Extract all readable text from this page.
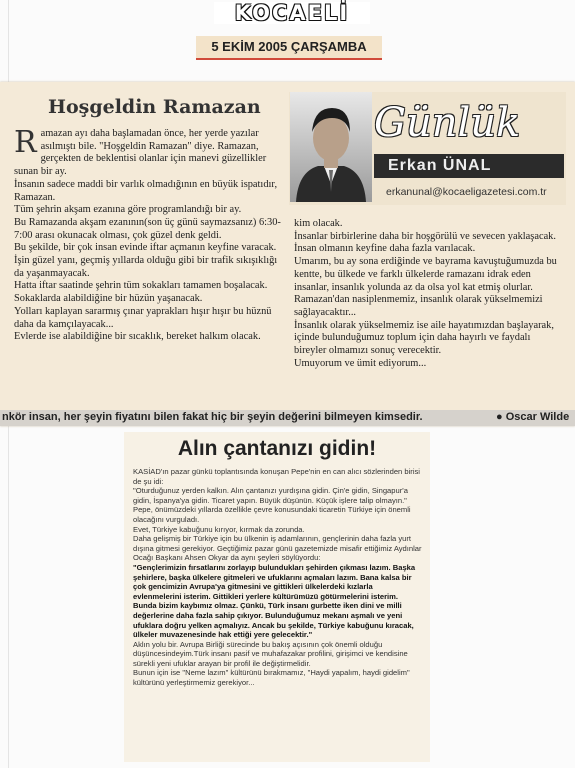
KOCAELİ
5 EKİM 2005 ÇARŞAMBA
Hoşgeldin Ramazan	Günlük
Erkan ÜNAL
erkanunal@kocaeligazetesi.com.tr
R amazan ayı daha başlamadan önce, her yerde yazılar asılmıştı bile. "Hoşgeldin Ramazan" diye. Ramazan, gerçekten de beklentisi olanlar için manevi güzellikler sunan bir ay.

İnsanın sadece maddi bir varlık olmadığının en büyük ispatıdır, Ramazan.

Tüm şehrin akşam ezanına göre programlandığı bir ay.

Bu Ramazanda akşam ezanının(son üç günü saymazsanız) 6:30-7:00 arası okunacak olması, çok güzel denk geldi.

Bu şekilde, bir çok insan evinde iftar açmanın keyfine varacak.

İşin güzel yanı, geçmiş yıllarda olduğu gibi bir trafik sıkışıklığı da yaşanmayacak.

Hatta iftar saatinde şehrin tüm sokakları tamamen boşalacak.

Sokaklarda alabildiğine bir hüzün yaşanacak.

Yolları kaplayan sararmış çınar yaprakları hışır hışır bu hüznü daha da kamçılayacak...

Evlerde ise alabildiğine bir sıcaklık, bereket halkım olacak.

kim olacak.

İnsanlar birbirlerine daha bir hoşgörülü ve sevecen yaklaşacak.

İnsan olmanın keyfine daha fazla varılacak.

Umarım, bu ay sona erdiğinde ve bayrama kavuştuğumuzda bu kentte, bu ülkede ve farklı ülkelerde ramazanı idrak eden insanlar, insanlık yolunda az da olsa yol kat etmiş olurlar.

Ramazan'dan nasiplenmemiz, insanlık olarak yükselmemizi sağlayacaktır...

İnsanlık olarak yükselmemiz ise aile hayatımızdan başlayarak, içinde bulunduğumuz toplum için daha hayırlı ve faydalı bireyler olmamızı sonuç verecektir.

Umuyorum ve ümit ediyorum...

nkör insan, her şeyin fiyatını bilen fakat hiç bir şeyin değerini bilmeyen kimsedir.	● Oscar Wilde
Alın çantanızı gidin!

KASİAD'ın pazar günkü toplantısında konuşan Pepe'nin en can alıcı sözlerinden birisi de şu idi:

"Oturduğunuz yerden kalkın. Alın çantanızı yurdışına gidin. Çin'e gidin, Singapur'a gidin, İspanya'ya gidin. Ticaret yapın. Büyük düşünün. Küçük işlere talip olmayın." Pepe, önümüzdeki yıllarda özellikle çevre konusundaki ticaretin Türkiye için önemli olacağını vurguladı.

Evet, Türkiye kabuğunu kırıyor, kırmak da zorunda.

Daha gelişmiş bir Türkiye için bu ülkenin iş adamlarının, gençlerinin daha fazla yurt dışına gitmesi gerekiyor. Geçtiğimiz pazar günü gazetemizde misafir ettiğimiz Aydınlar Ocağı Başkanı Ahsen Okyar da aynı şeyleri söylüyordu:

"Gençlerimizin fırsatlarını zorlayıp bulundukları şehirden çıkması lazım. Başka şehirlere, başka ülkelere gitmeleri ve ufuklarını açmaları lazım. Bana kalsa bir çok gencimizin Avrupa'ya gitmesini ve gittikleri ülkelerdeki kızlarla evlenmelerini isterim. Gittikleri yerlere kültürümüzü götürmelerini isterim. Bunda bizim kaybımız olmaz. Çünkü, Türk insanı gurbette iken dini ve milli değerlerine daha fazla sahip çıkıyor. Bulunduğumuz mekanı aşmalı ve yeni ufuklara doğru yelken açmalıyız. Ancak bu şekilde, Türkiye kabuğunu kıracak, ülkeler muvazenesinde hak ettiği yere gelecektir."

Aklın yolu bir. Avrupa Birliği sürecinde bu bakış açısının çok önemli olduğu düşüncesindeyim.Türk insanı pasif ve muhafazakar profilini, girişimci ve kendisine sürekli yeni ufuklar arayan bir profil ile değiştirmelidir.

Bunun için ise "Neme lazım" kültürünü bırakmamız, "Haydi yapalım, haydi gidelim" kültürünü yerleştirmemiz gerekiyor...
